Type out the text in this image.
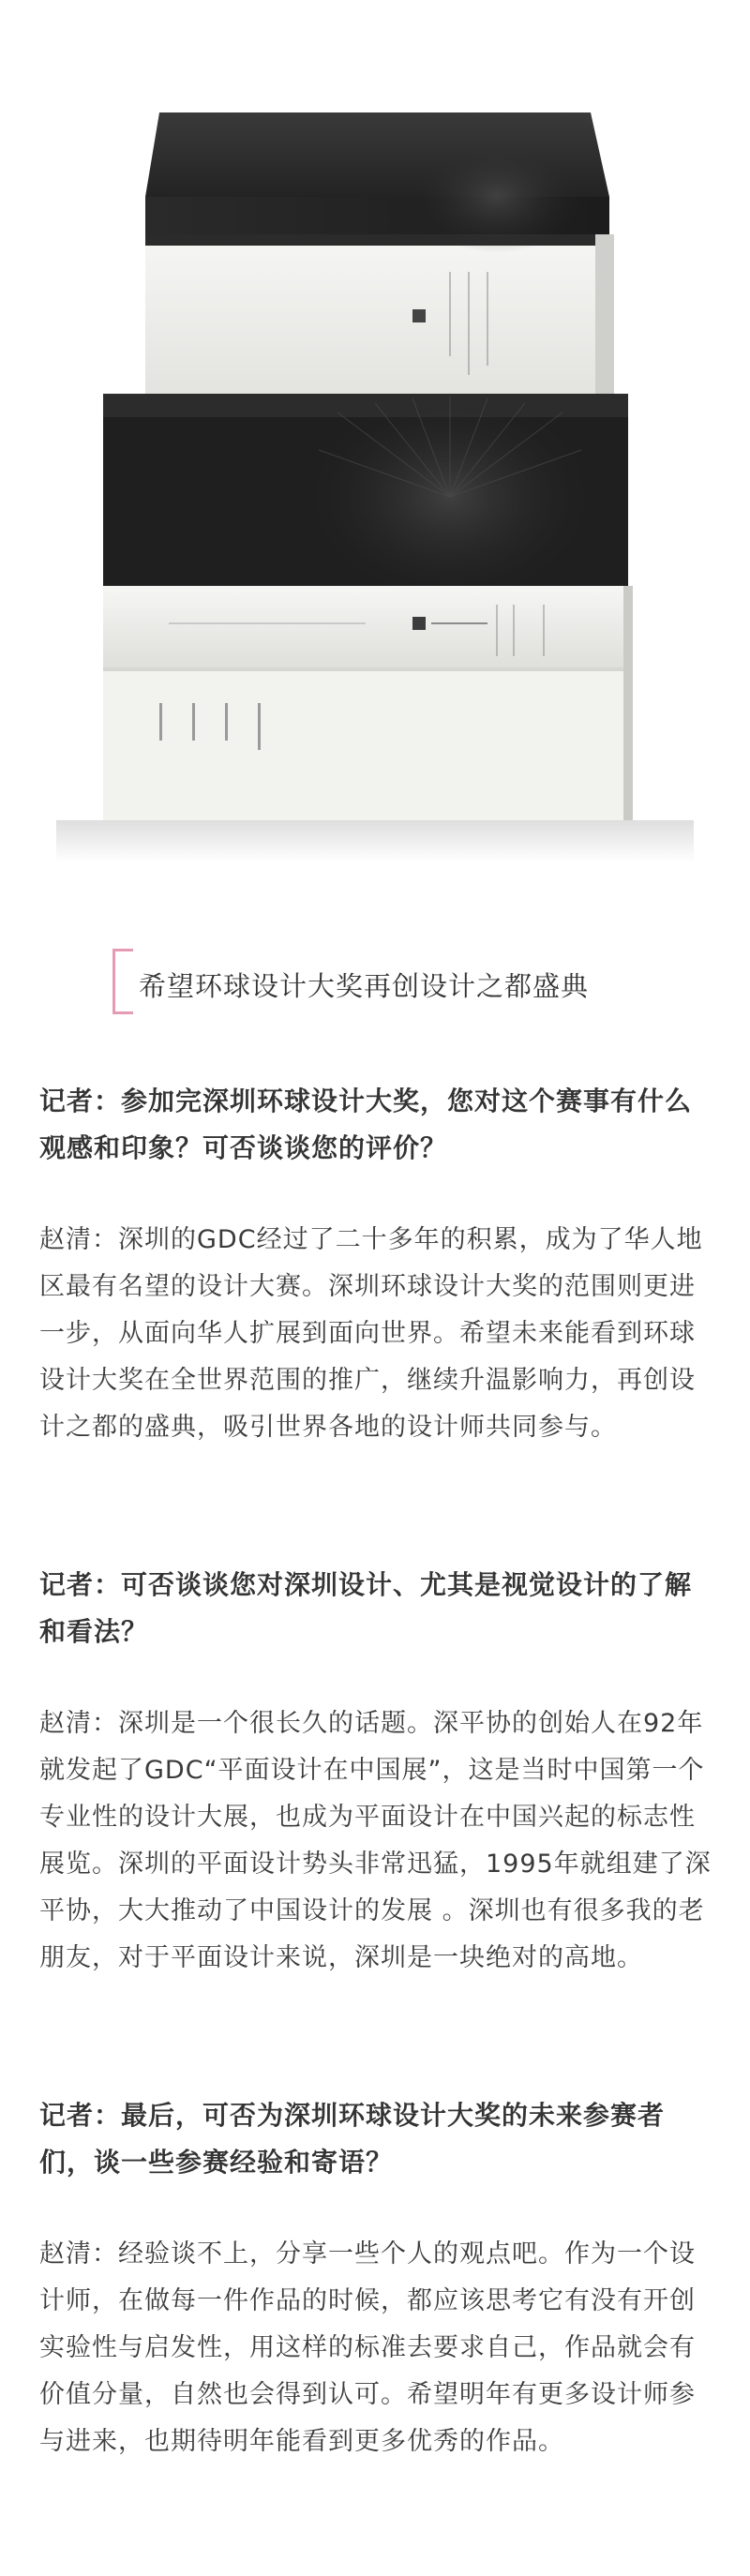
希望环球设计大奖再创设计之都盛典

记者：参加完深圳环球设计大奖，您对这个赛事有什么观感和印象？可否谈谈您的评价？

赵清：深圳的GDC经过了二十多年的积累，成为了华人地区最有名望的设计大赛。深圳环球设计大奖的范围则更进一步，从面向华人扩展到面向世界。希望未来能看到环球设计大奖在全世界范围的推广，继续升温影响力，再创设计之都的盛典，吸引世界各地的设计师共同参与。

记者：可否谈谈您对深圳设计、尤其是视觉设计的了解和看法？

赵清：深圳是一个很长久的话题。深平协的创始人在92年就发起了GDC“平面设计在中国展”，这是当时中国第一个专业性的设计大展，也成为平面设计在中国兴起的标志性展览。深圳的平面设计势头非常迅猛，1995年就组建了深平协，大大推动了中国设计的发展 。深圳也有很多我的老朋友，对于平面设计来说，深圳是一块绝对的高地。

记者：最后，可否为深圳环球设计大奖的未来参赛者们，谈一些参赛经验和寄语？

赵清：经验谈不上，分享一些个人的观点吧。作为一个设计师，在做每一件作品的时候，都应该思考它有没有开创实验性与启发性，用这样的标准去要求自己，作品就会有价值分量，自然也会得到认可。希望明年有更多设计师参与进来，也期待明年能看到更多优秀的作品。
